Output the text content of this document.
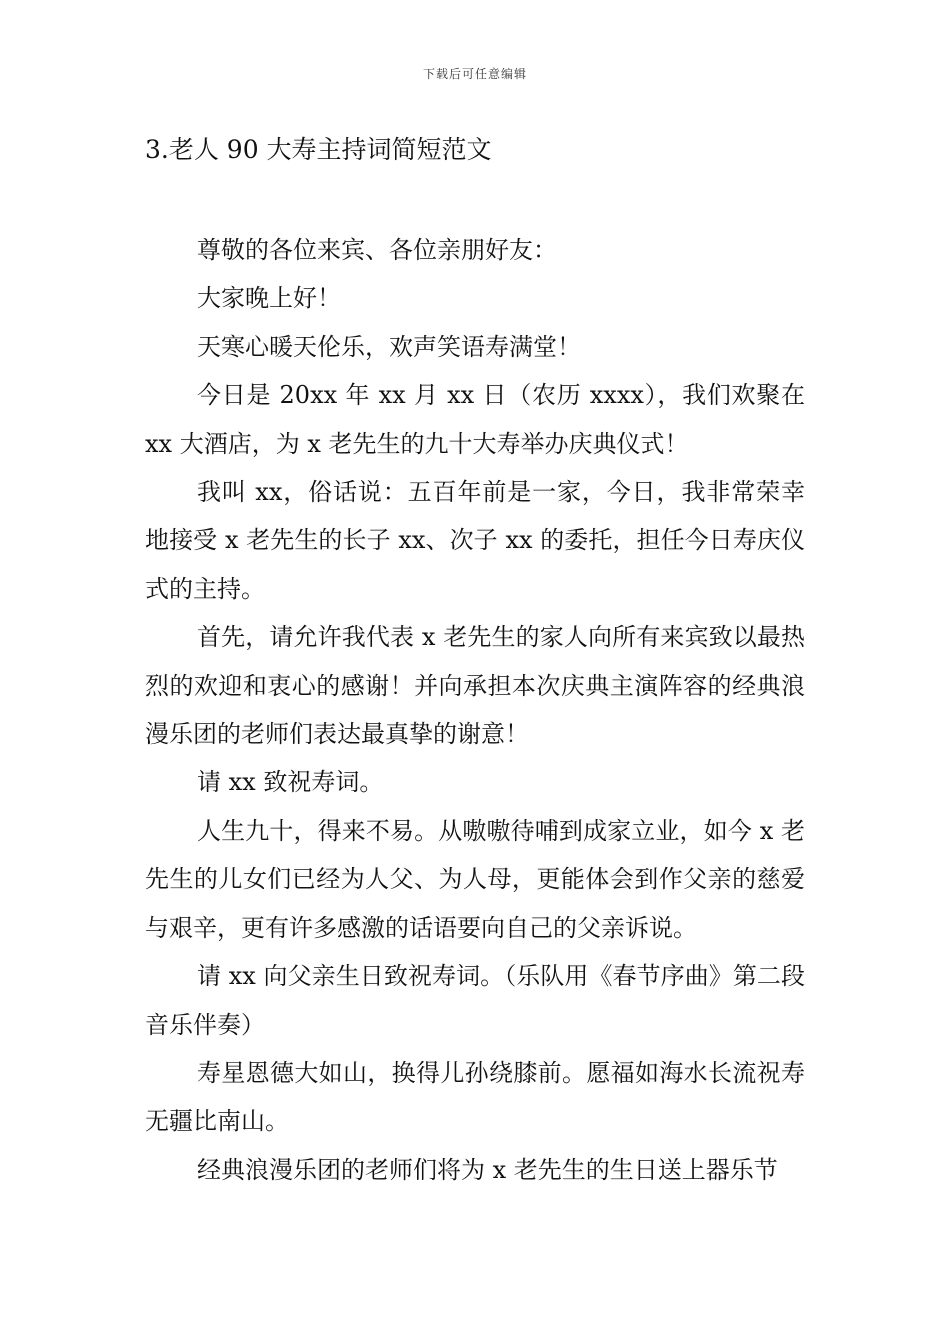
下载后可任意编辑
3.老人 90 大寿主持词简短范文

尊敬的各位来宾、各位亲朋好友：

大家晚上好！

天寒心暖天伦乐，欢声笑语寿满堂！

今日是 20xx 年 xx 月 xx 日（农历 xxxx），我们欢聚在 xx 大酒店，为 x 老先生的九十大寿举办庆典仪式！

我叫 xx，俗话说：五百年前是一家，今日，我非常荣幸地接受 x 老先生的长子 xx、次子 xx 的委托，担任今日寿庆仪式的主持。

首先，请允许我代表 x 老先生的家人向所有来宾致以最热烈的欢迎和衷心的感谢！并向承担本次庆典主演阵容的经典浪漫乐团的老师们表达最真挚的谢意！

请 xx 致祝寿词。

人生九十，得来不易。从嗷嗷待哺到成家立业，如今 x 老先生的儿女们已经为人父、为人母，更能体会到作父亲的慈爱与艰辛，更有许多感激的话语要向自己的父亲诉说。

请 xx 向父亲生日致祝寿词。（乐队用《春节序曲》第二段音乐伴奏）

寿星恩德大如山，换得儿孙绕膝前。愿福如海水长流祝寿无疆比南山。

经典浪漫乐团的老师们将为 x 老先生的生日送上器乐节
